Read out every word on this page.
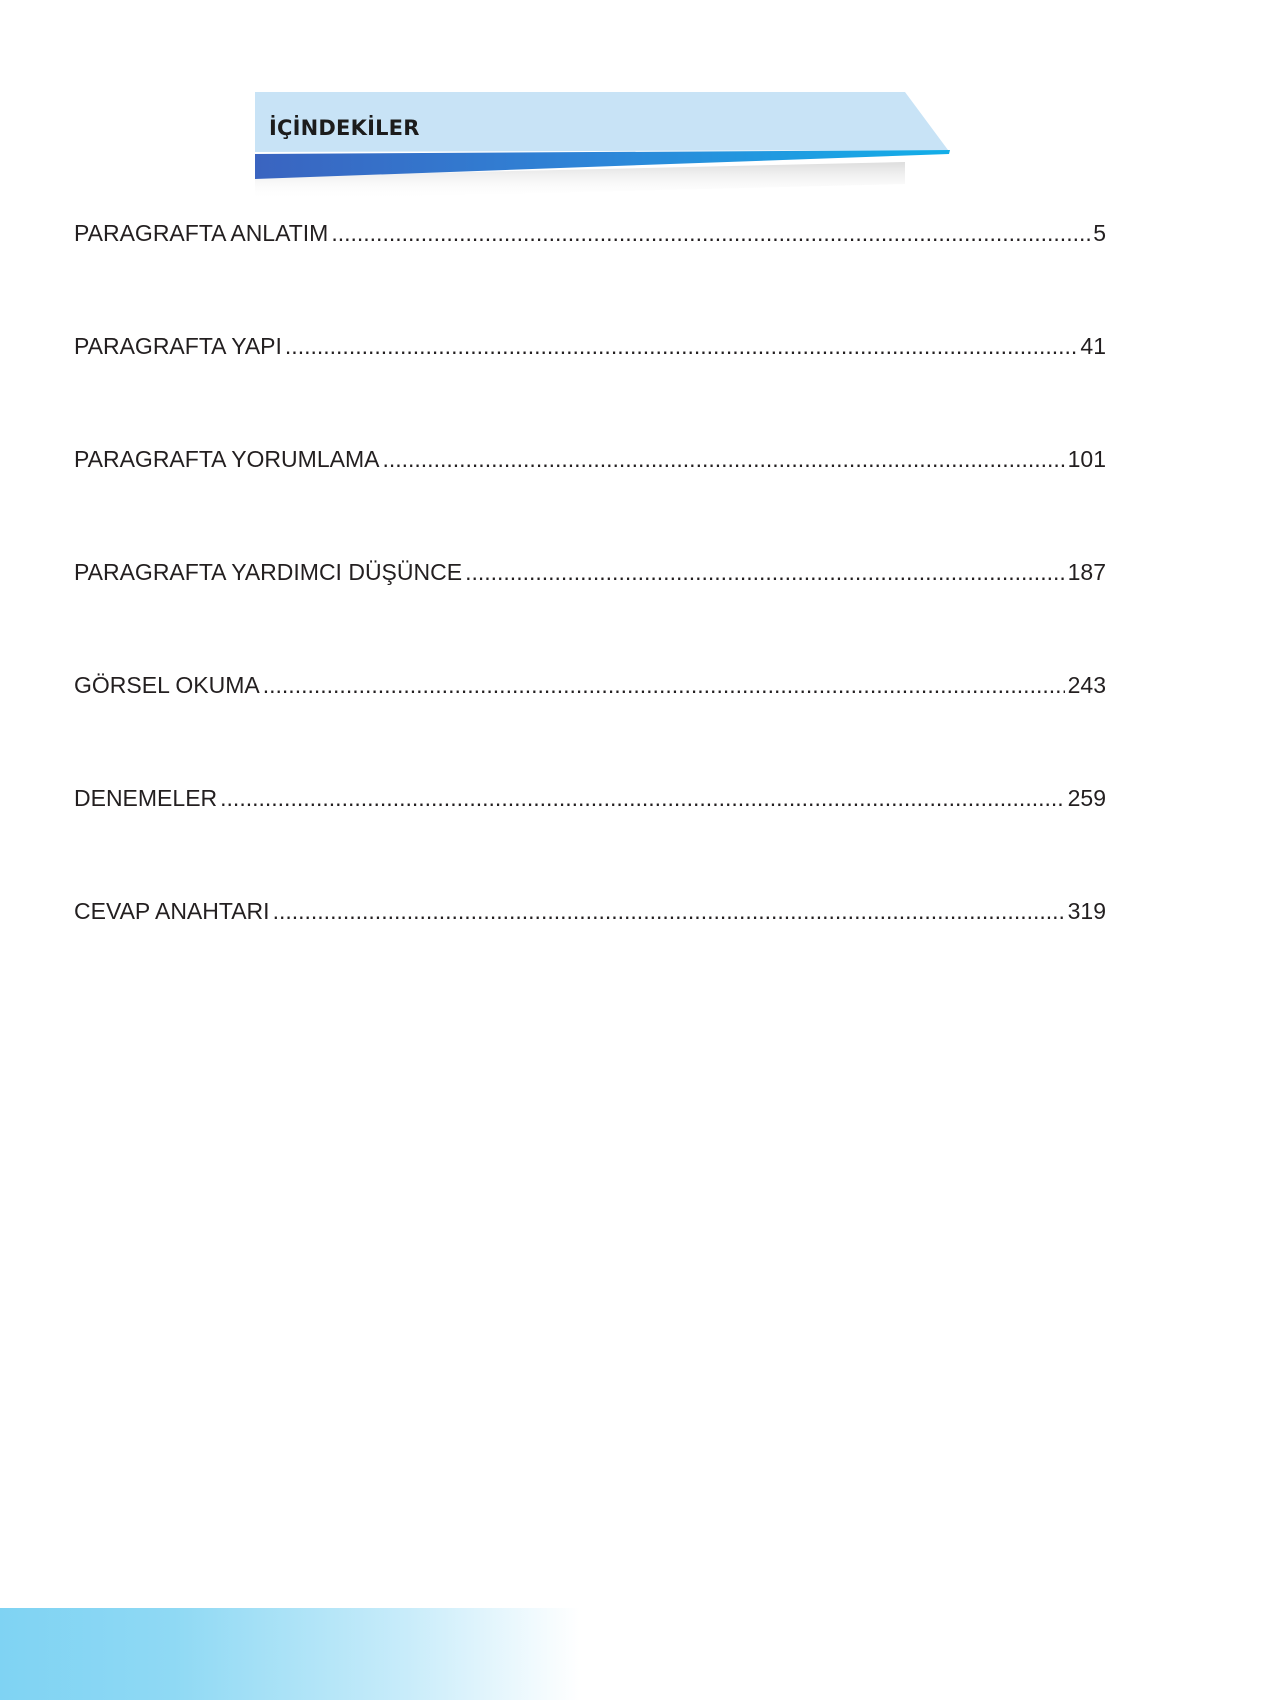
İÇİNDEKİLER
PARAGRAFTA ANLATIM .....	5
PARAGRAFTA YAPI .....	41
PARAGRAFTA YORUMLAMA .....	101
PARAGRAFTA YARDIMCI DÜŞÜNCE .....	187
GÖRSEL OKUMA .....	243
DENEMELER .....	259
CEVAP ANAHTARI .....	319
